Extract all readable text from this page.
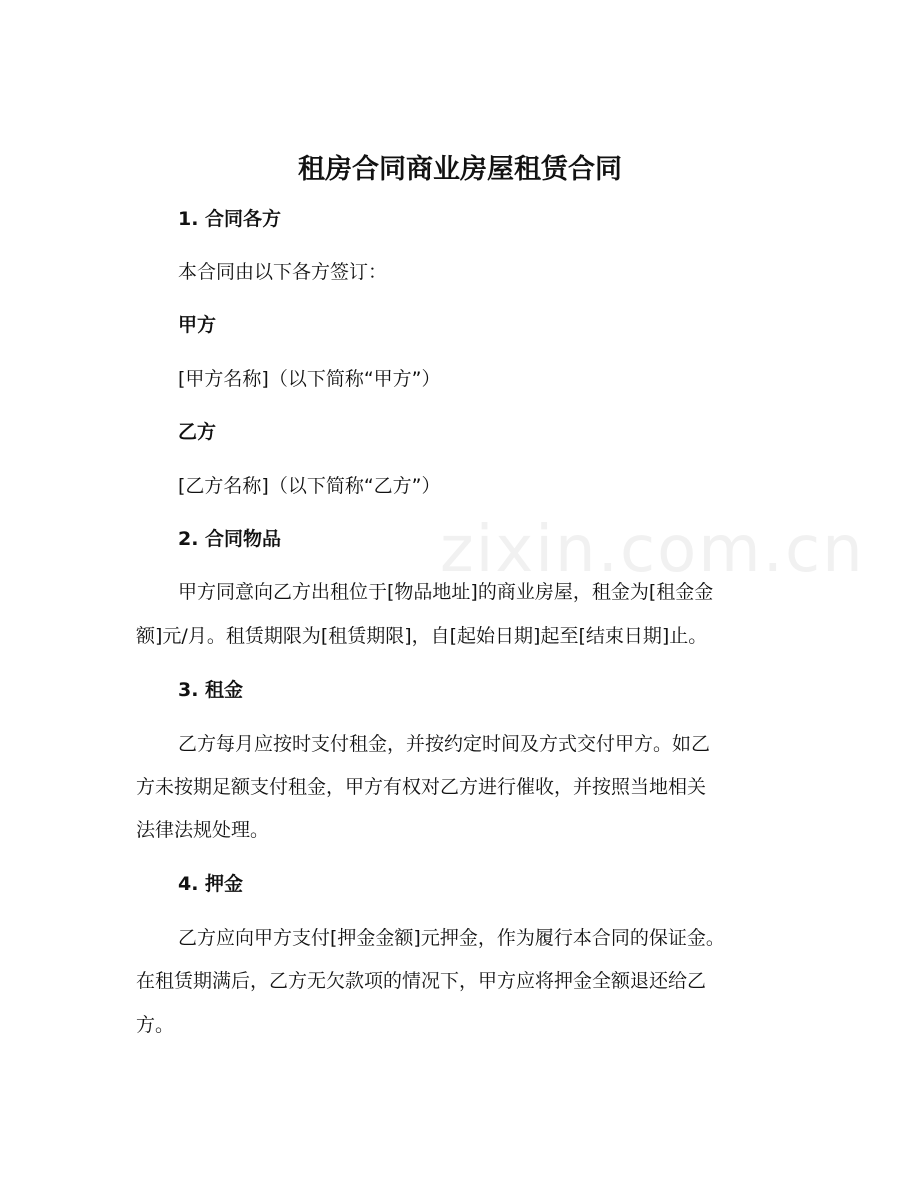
zixin.com.cn
租房合同商业房屋租赁合同
1. 合同各方
本合同由以下各方签订：
甲方
[甲方名称]（以下简称“甲方”）
乙方
[乙方名称]（以下简称“乙方”）
2. 合同物品
甲方同意向乙方出租位于[物品地址]的商业房屋，租金为[租金金
额]元/月。租赁期限为[租赁期限]，自[起始日期]起至[结束日期]止。
3. 租金
乙方每月应按时支付租金，并按约定时间及方式交付甲方。如乙
方未按期足额支付租金，甲方有权对乙方进行催收，并按照当地相关
法律法规处理。
4. 押金
乙方应向甲方支付[押金金额]元押金，作为履行本合同的保证金。
在租赁期满后，乙方无欠款项的情况下，甲方应将押金全额退还给乙
方。
